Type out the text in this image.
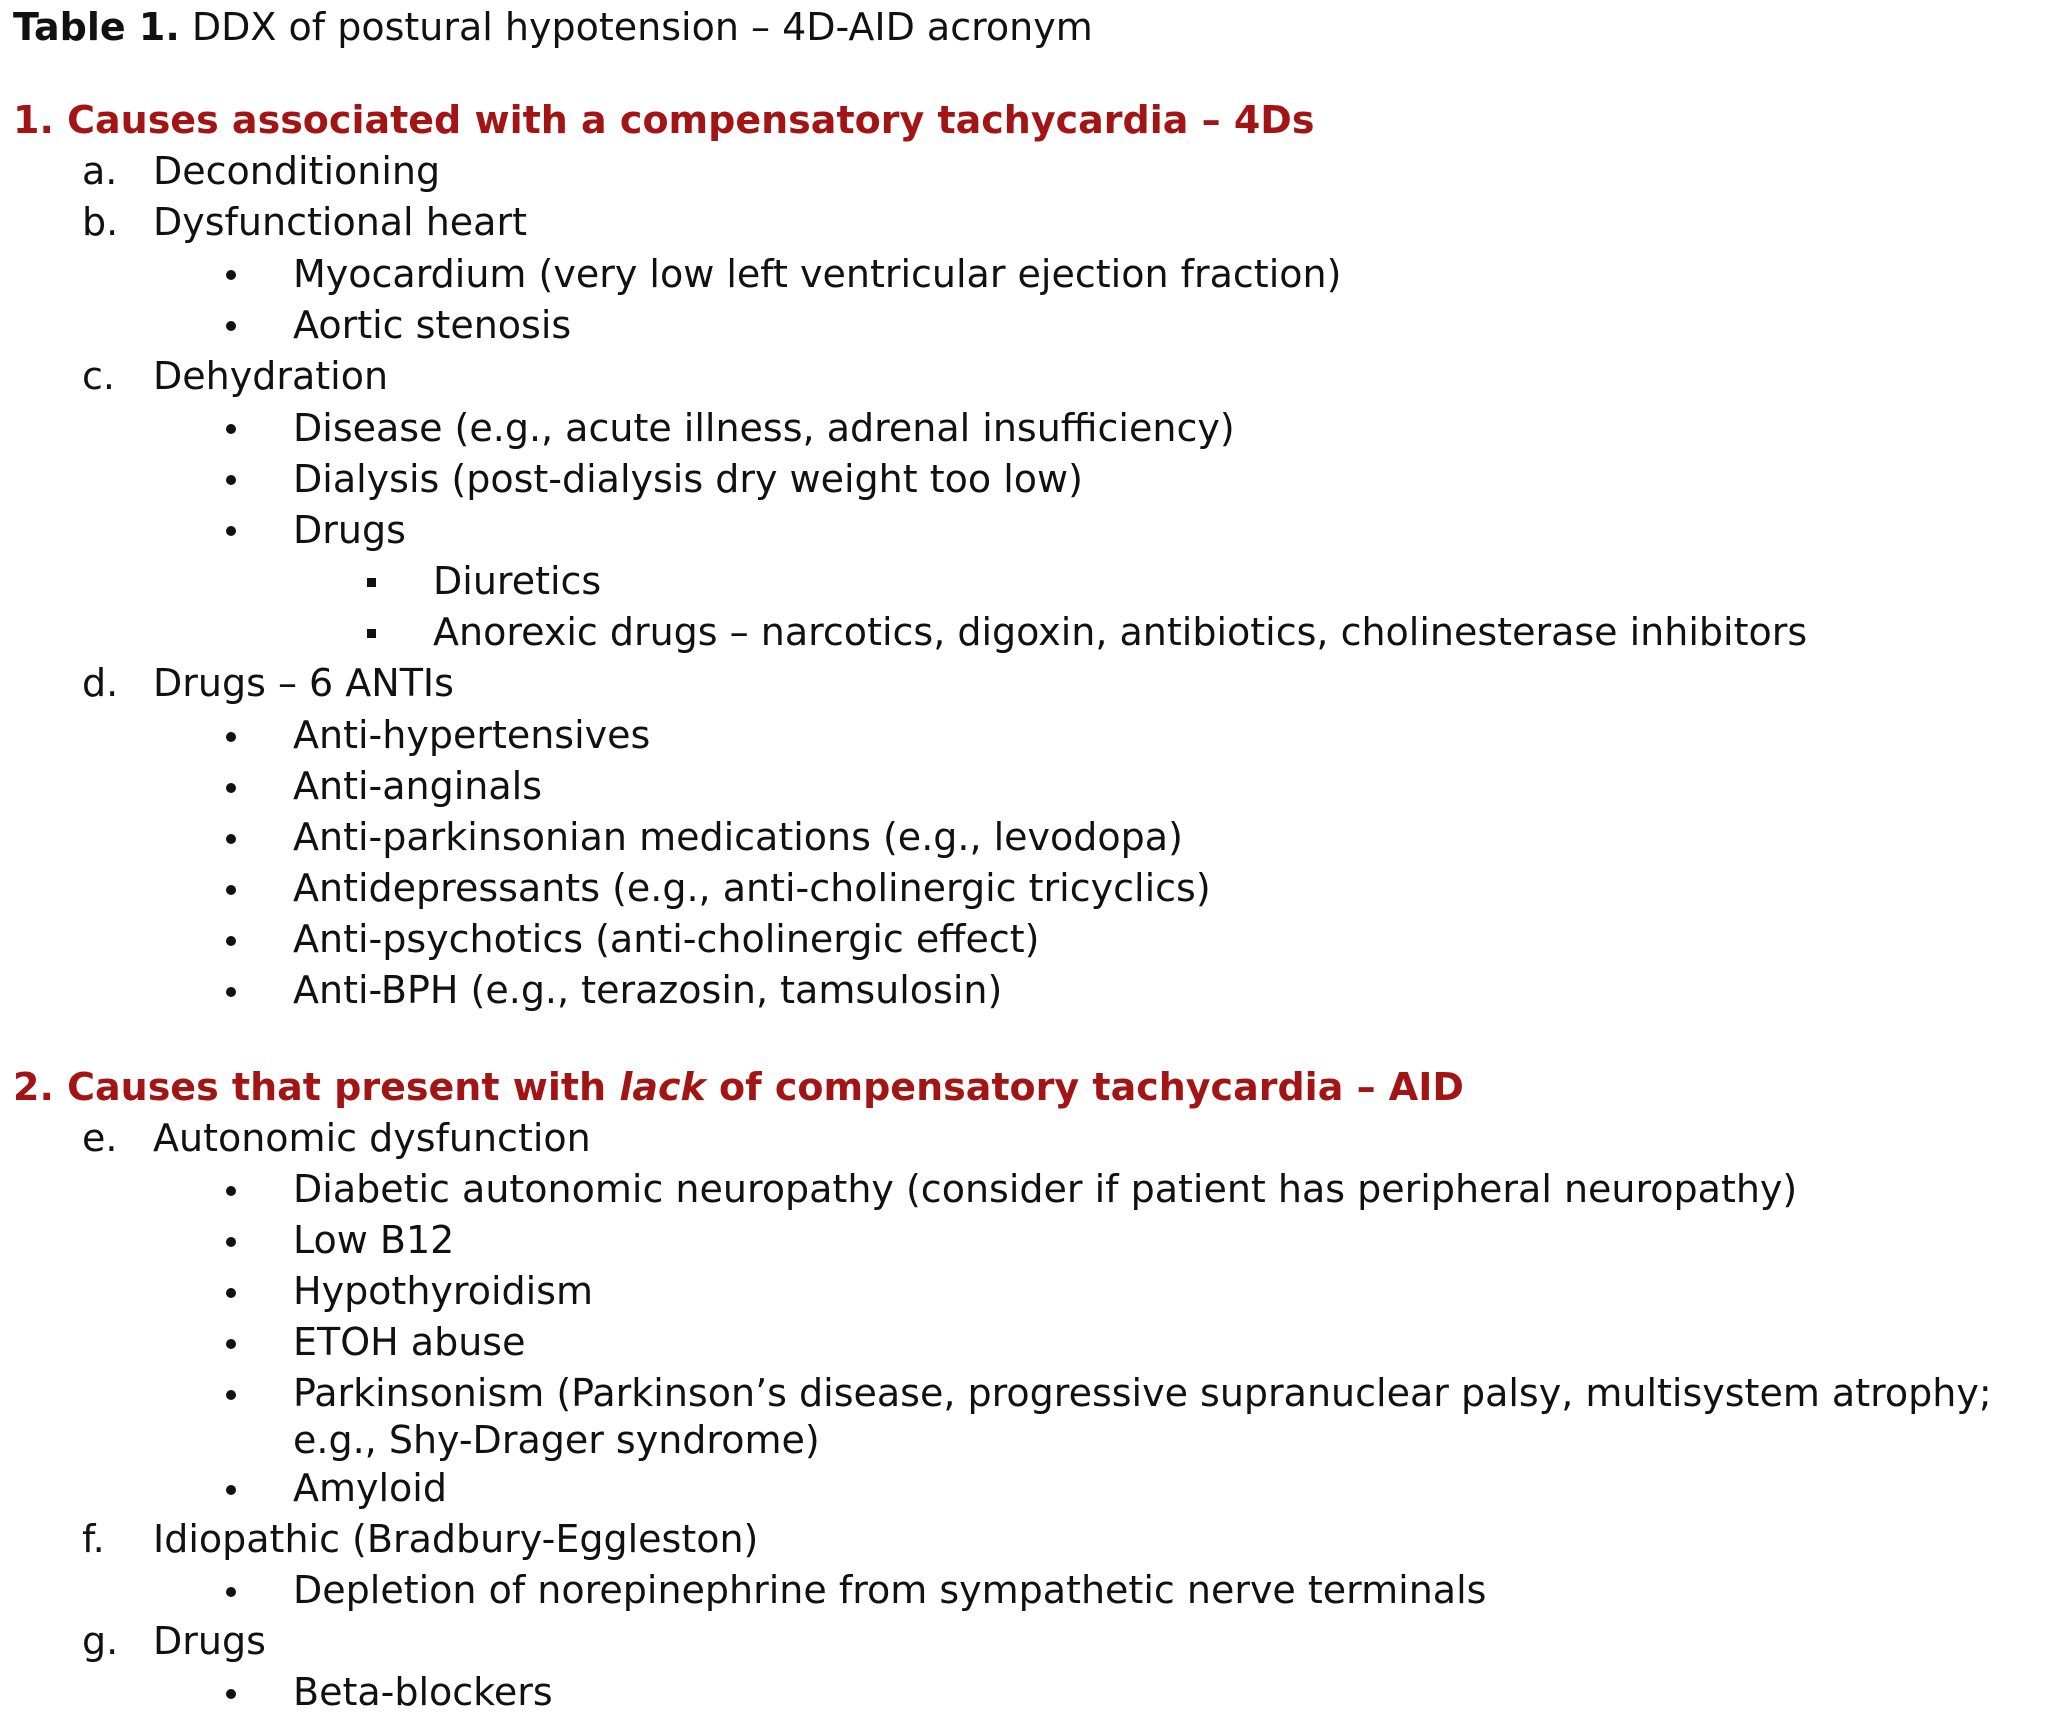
Table 1. DDX of postural hypotension – 4D-AID acronym
1. Causes associated with a compensatory tachycardia – 4Ds
a. Deconditioning
b. Dysfunctional heart
Myocardium (very low left ventricular ejection fraction)
Aortic stenosis
c. Dehydration
Disease (e.g., acute illness, adrenal insufficiency)
Dialysis (post-dialysis dry weight too low)
Drugs
Diuretics
Anorexic drugs – narcotics, digoxin, antibiotics, cholinesterase inhibitors
d. Drugs – 6 ANTIs
Anti-hypertensives
Anti-anginals
Anti-parkinsonian medications (e.g., levodopa)
Antidepressants (e.g., anti-cholinergic tricyclics)
Anti-psychotics (anti-cholinergic effect)
Anti-BPH (e.g., terazosin, tamsulosin)
2. Causes that present with lack of compensatory tachycardia – AID
e. Autonomic dysfunction
Diabetic autonomic neuropathy (consider if patient has peripheral neuropathy)
Low B12
Hypothyroidism
ETOH abuse
Parkinsonism (Parkinson’s disease, progressive supranuclear palsy, multisystem atrophy;
e.g., Shy-Drager syndrome)
Amyloid
f. Idiopathic (Bradbury-Eggleston)
Depletion of norepinephrine from sympathetic nerve terminals
g. Drugs
Beta-blockers
